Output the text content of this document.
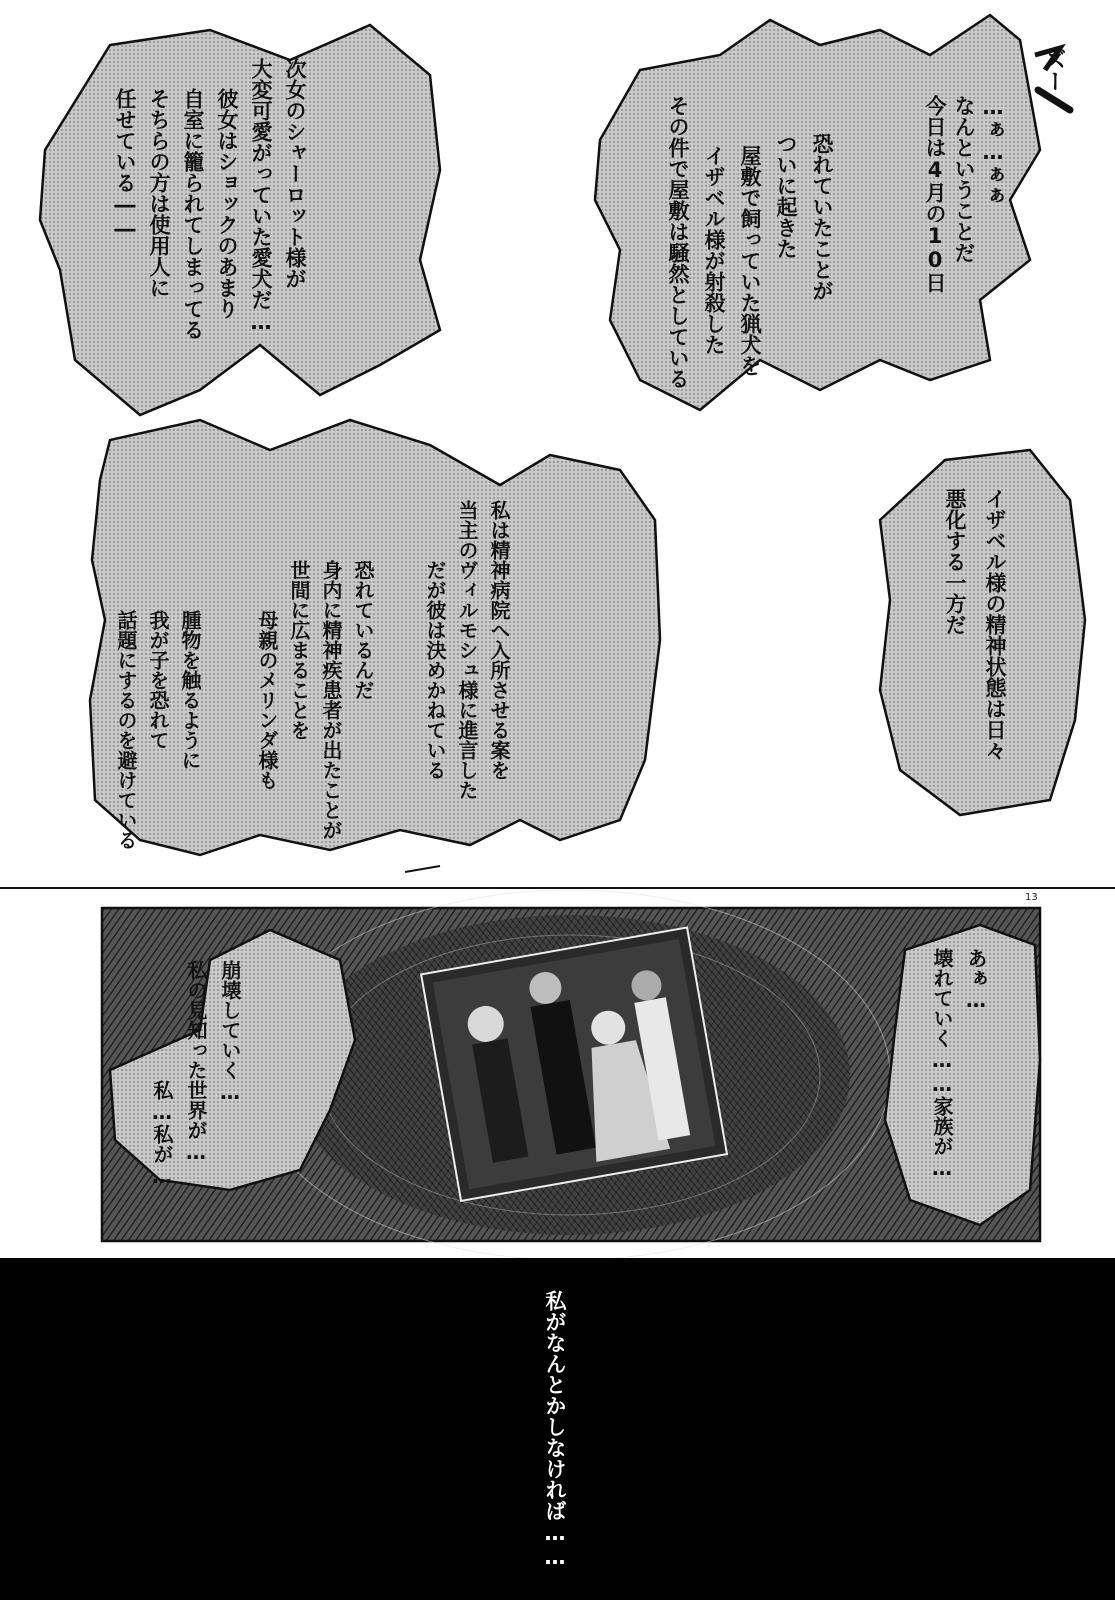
…ぁ…ぁぁ
なんということだ
今日は4月の10日
恐れていたことが
ついに起きた
屋敷で飼っていた猟犬を
イザベル様が射殺した
その件で屋敷は騒然としている
次女のシャーロット様が
大変可愛がっていた愛犬だ…
彼女はショックのあまり
自室に籠られてしまってる
そちらの方は使用人に
任せている――
イザベル様の精神状態は日々
悪化する一方だ
私は精神病院へ入所させる案を
当主のヴィルモシュ様に進言した
だが彼は決めかねている
恐れているんだ
身内に精神疾患者が出たことが
世間に広まることを
母親のメリンダ様も
腫物を触るように
我が子を恐れて
話題にするのを避けている
あぁ…
壊れていく……家族が…
崩壊していく…
私の見知った世界が…
私…私が…
私がなんとかしなければ……
ズー
13
